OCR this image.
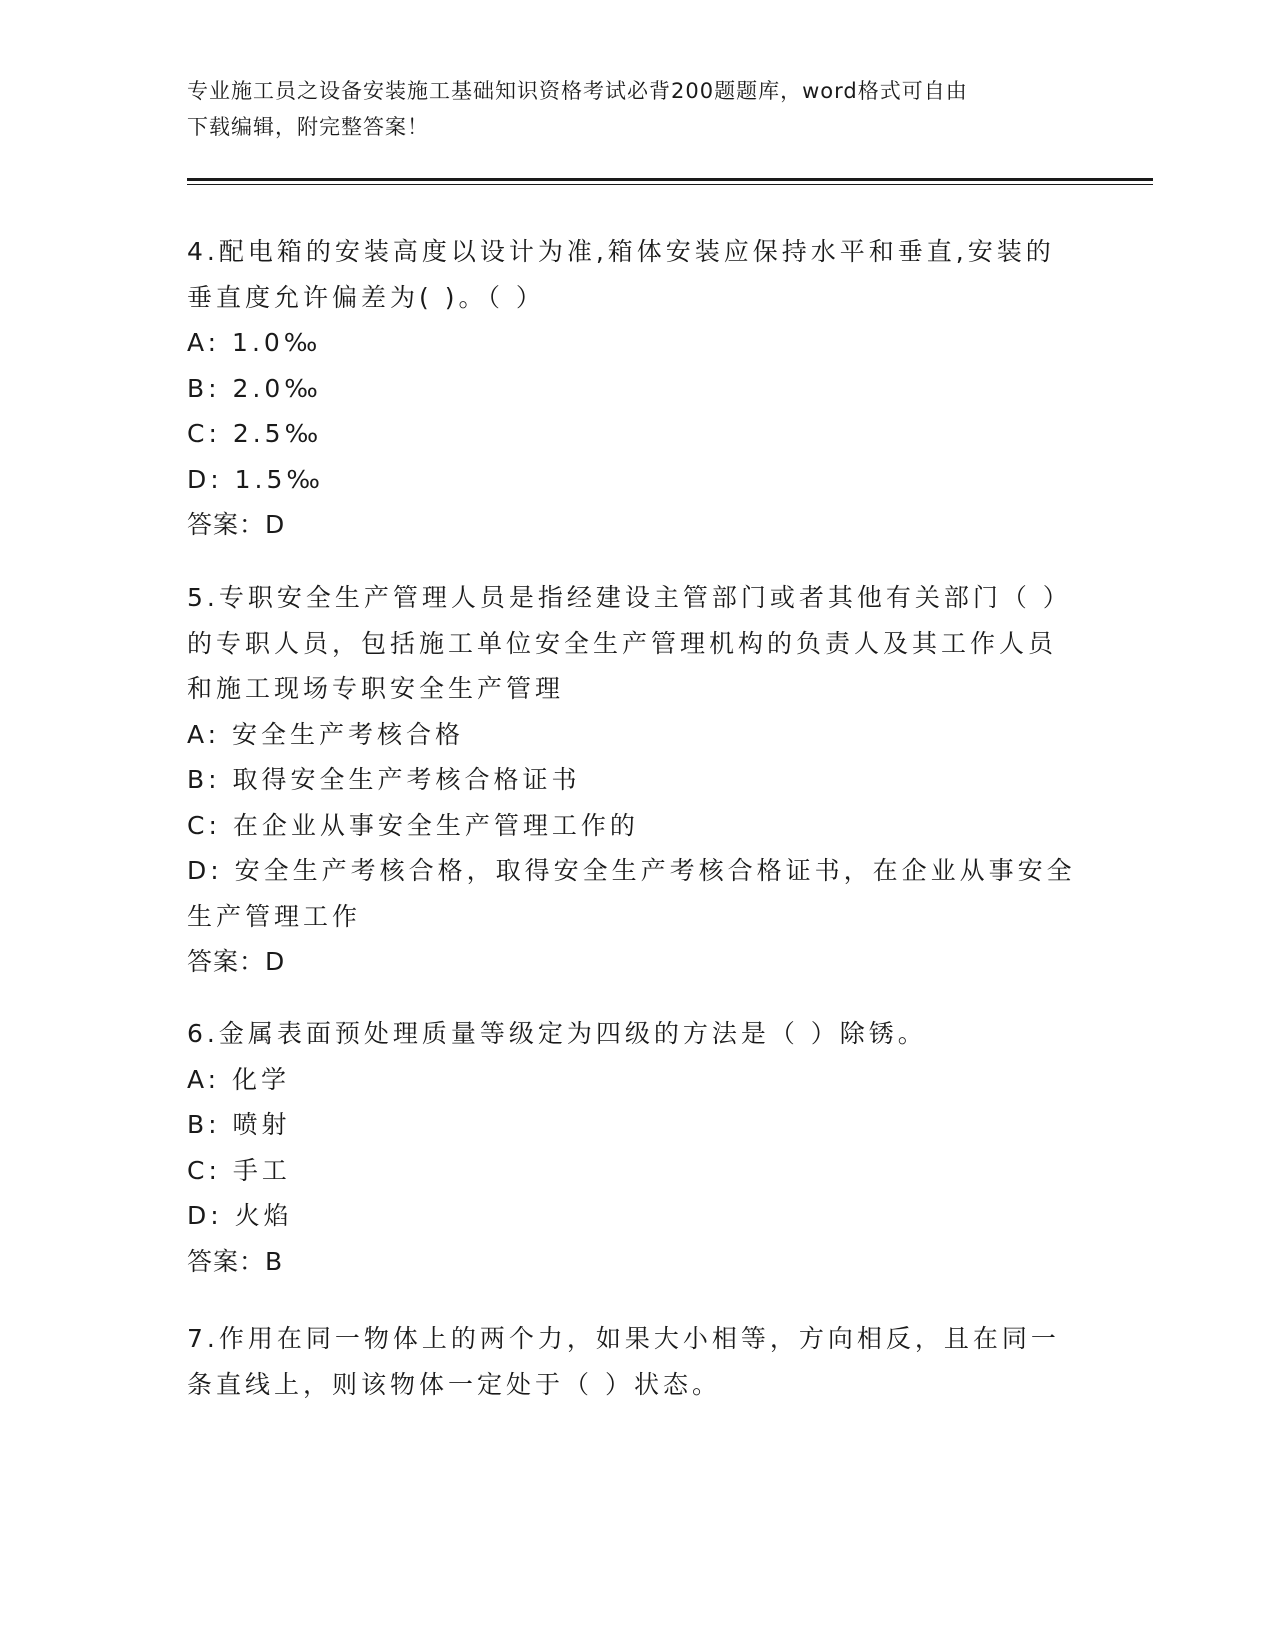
专业施工员之设备安装施工基础知识资格考试必背200题题库，word格式可自由
下载编辑，附完整答案！
4.配电箱的安装高度以设计为准,箱体安装应保持水平和垂直,安装的
垂直度允许偏差为( )。（ ）
A: 1.0‰
B: 2.0‰
C: 2.5‰
D: 1.5‰
答案：D
5.专职安全生产管理人员是指经建设主管部门或者其他有关部门（ ）
的专职人员，包括施工单位安全生产管理机构的负责人及其工作人员
和施工现场专职安全生产管理
A: 安全生产考核合格
B: 取得安全生产考核合格证书
C: 在企业从事安全生产管理工作的
D: 安全生产考核合格，取得安全生产考核合格证书，在企业从事安全
生产管理工作
答案：D
6.金属表面预处理质量等级定为四级的方法是（ ）除锈。
A: 化学
B: 喷射
C: 手工
D: 火焰
答案：B
7.作用在同一物体上的两个力，如果大小相等，方向相反，且在同一
条直线上，则该物体一定处于（ ）状态。
